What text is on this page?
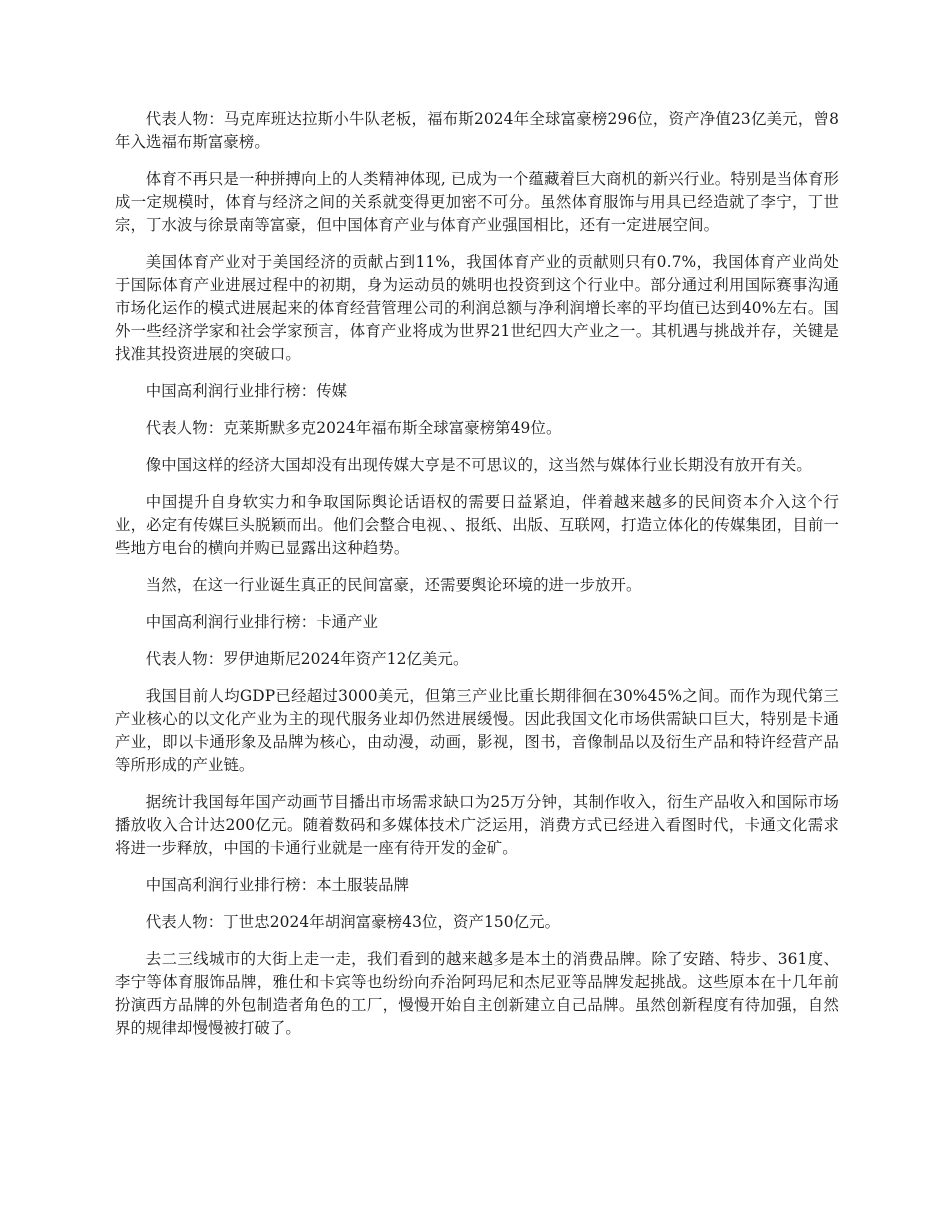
代表人物：马克库班达拉斯小牛队老板，福布斯2024年全球富豪榜296位，资产净值23亿美元，曾8年入选福布斯富豪榜。

体育不再只是一种拼搏向上的人类精神体现, 已成为一个蕴藏着巨大商机的新兴行业。特别是当体育形成一定规模时，体育与经济之间的关系就变得更加密不可分。虽然体育服饰与用具已经造就了李宁，丁世宗，丁水波与徐景南等富豪，但中国体育产业与体育产业强国相比，还有一定进展空间。

美国体育产业对于美国经济的贡献占到11%，我国体育产业的贡献则只有0.7%，我国体育产业尚处于国际体育产业进展过程中的初期，身为运动员的姚明也投资到这个行业中。部分通过利用国际赛事沟通市场化运作的模式进展起来的体育经营管理公司的利润总额与净利润增长率的平均值已达到40%左右。国外一些经济学家和社会学家预言，体育产业将成为世界21世纪四大产业之一。其机遇与挑战并存，关键是找准其投资进展的突破口。

中国高利润行业排行榜：传媒

代表人物：克莱斯默多克2024年福布斯全球富豪榜第49位。

像中国这样的经济大国却没有出现传媒大亨是不可思议的，这当然与媒体行业长期没有放开有关。

中国提升自身软实力和争取国际舆论话语权的需要日益紧迫，伴着越来越多的民间资本介入这个行业，必定有传媒巨头脱颖而出。他们会整合电视、、报纸、出版、互联网，打造立体化的传媒集团，目前一些地方电台的横向并购已显露出这种趋势。

当然，在这一行业诞生真正的民间富豪，还需要舆论环境的进一步放开。

中国高利润行业排行榜：卡通产业

代表人物：罗伊迪斯尼2024年资产12亿美元。

我国目前人均GDP已经超过3000美元，但第三产业比重长期徘徊在30%45%之间。而作为现代第三产业核心的以文化产业为主的现代服务业却仍然进展缓慢。因此我国文化市场供需缺口巨大，特别是卡通产业，即以卡通形象及品牌为核心，由动漫，动画，影视，图书，音像制品以及衍生产品和特许经营产品等所形成的产业链。

据统计我国每年国产动画节目播出市场需求缺口为25万分钟，其制作收入，衍生产品收入和国际市场播放收入合计达200亿元。随着数码和多媒体技术广泛运用，消费方式已经进入看图时代，卡通文化需求将进一步释放，中国的卡通行业就是一座有待开发的金矿。

中国高利润行业排行榜：本土服装品牌

代表人物：丁世忠2024年胡润富豪榜43位，资产150亿元。

去二三线城市的大街上走一走，我们看到的越来越多是本土的消费品牌。除了安踏、特步、361度、李宁等体育服饰品牌，雅仕和卡宾等也纷纷向乔治阿玛尼和杰尼亚等品牌发起挑战。这些原本在十几年前扮演西方品牌的外包制造者角色的工厂，慢慢开始自主创新建立自己品牌。虽然创新程度有待加强，自然界的规律却慢慢被打破了。
